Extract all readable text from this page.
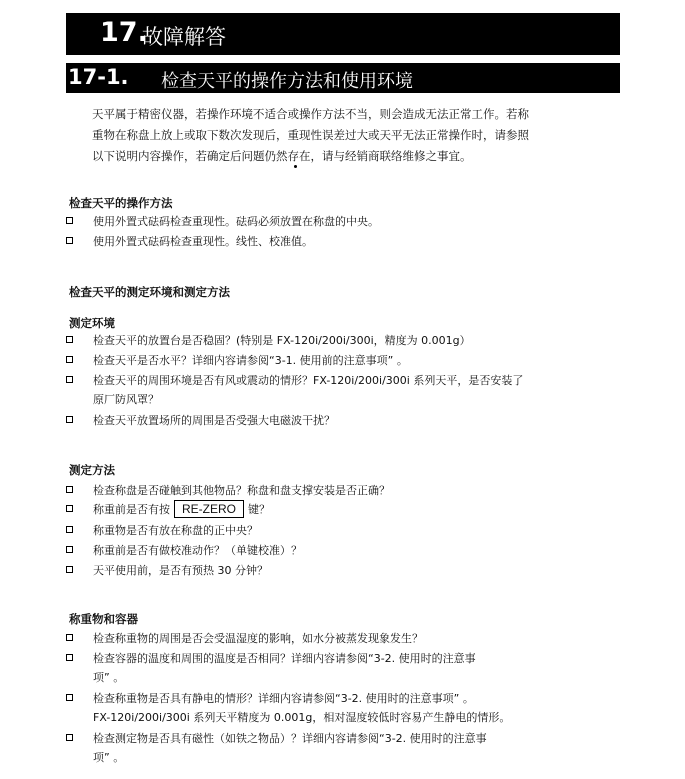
17.
故障解答
17-1. 检查天平的操作方法和使用环境
天平属于精密仪器，若操作环境不适合或操作方法不当，则会造成无法正常工作。若称
重物在称盘上放上或取下数次发现后，重现性误差过大或天平无法正常操作时，请参照
以下说明内容操作，若确定后问题仍然存在，请与经销商联络维修之事宜。
检查天平的操作方法
使用外置式砝码检查重现性。砝码必须放置在称盘的中央。
使用外置式砝码检查重现性。线性、校准值。
检查天平的测定环境和测定方法
测定环境
检查天平的放置台是否稳固？(特别是 FX-120i/200i/300i，精度为 0.001g）
检查天平是否水平？详细内容请参阅“3-1. 使用前的注意事项” 。
检查天平的周围环境是否有风或震动的情形？FX-120i/200i/300i 系列天平，是否安装了
原厂防风罩？
检查天平放置场所的周围是否受强大电磁波干扰？
测定方法
检查称盘是否碰触到其他物品？称盘和盘支撑安装是否正确？
称重前是否有按 RE-ZERO 键？
称重物是否有放在称盘的正中央？
称重前是否有做校准动作？（单键校准）？
天平使用前，是否有预热 30 分钟？
称重物和容器
检查称重物的周围是否会受温湿度的影响，如水分被蒸发现象发生？
检查容器的温度和周围的温度是否相同？详细内容请参阅“3-2. 使用时的注意事
项” 。
检查称重物是否具有静电的情形？详细内容请参阅“3-2. 使用时的注意事项” 。
FX-120i/200i/300i 系列天平精度为 0.001g，相对湿度较低时容易产生静电的情形。
检查测定物是否具有磁性（如铁之物品）？详细内容请参阅“3-2. 使用时的注意事
项” 。
